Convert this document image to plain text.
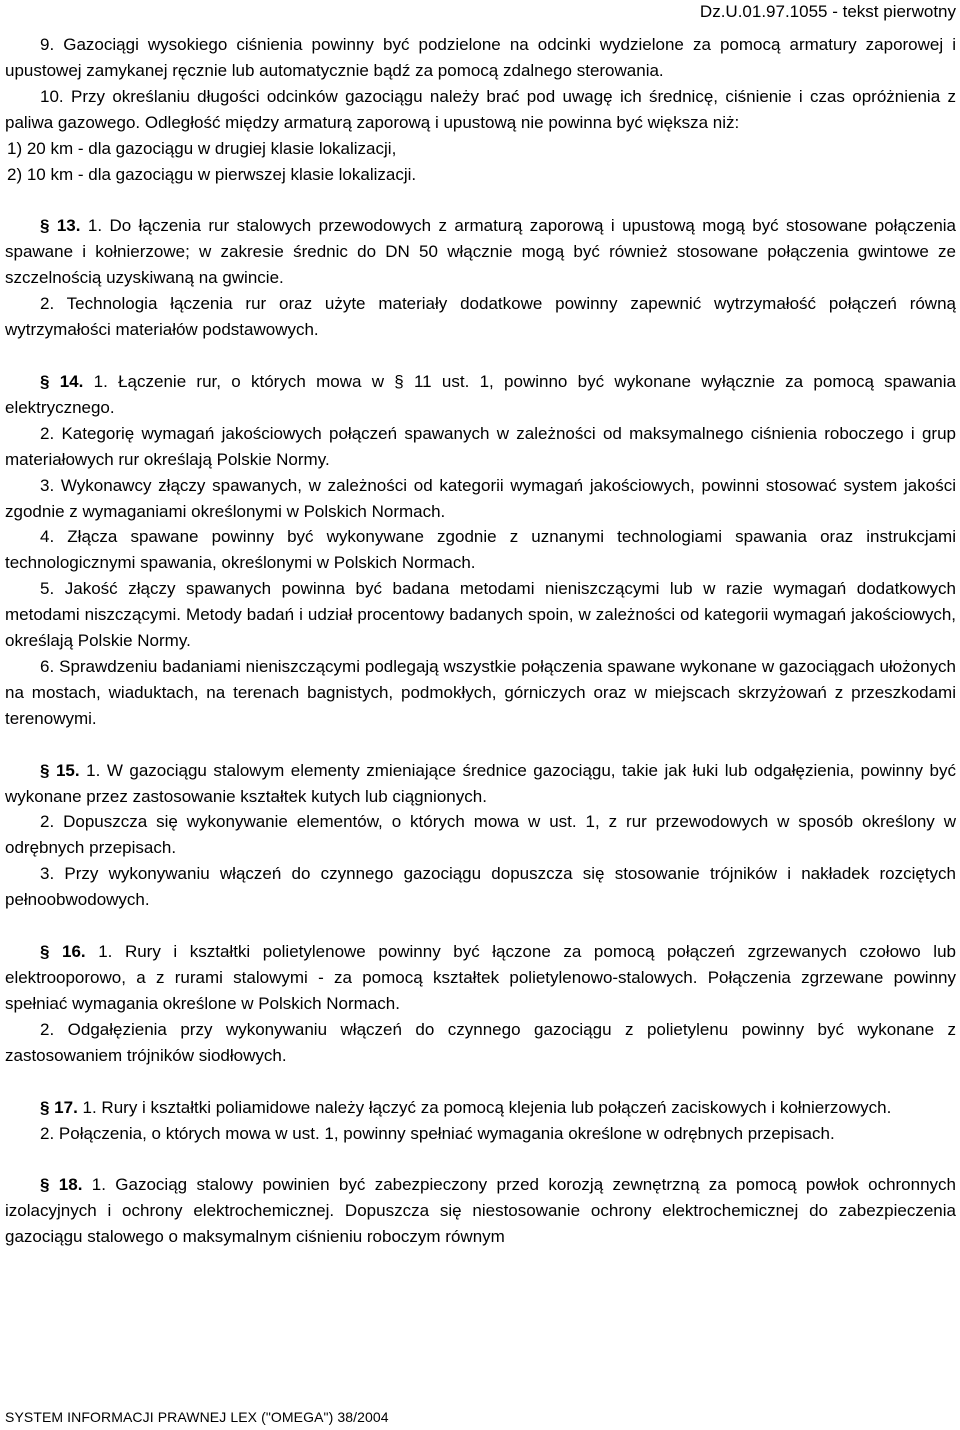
Dz.U.01.97.1055 - tekst pierwotny

9. Gazociągi wysokiego ciśnienia powinny być podzielone na odcinki wydzielone za pomocą armatury zaporowej i upustowej zamykanej ręcznie lub automatycznie bądź za pomocą zdalnego sterowania.

10. Przy określaniu długości odcinków gazociągu należy brać pod uwagę ich średnicę, ciśnienie i czas opróżnienia z paliwa gazowego. Odległość między armaturą zaporową i upustową nie powinna być większa niż:

1) 20 km - dla gazociągu w drugiej klasie lokalizacji,

2) 10 km - dla gazociągu w pierwszej klasie lokalizacji.

§ 13. 1. Do łączenia rur stalowych przewodowych z armaturą zaporową i upustową mogą być stosowane połączenia spawane i kołnierzowe; w zakresie średnic do DN 50 włącznie mogą być również stosowane połączenia gwintowe ze szczelnością uzyskiwaną na gwincie.

2. Technologia łączenia rur oraz użyte materiały dodatkowe powinny zapewnić wytrzymałość połączeń równą wytrzymałości materiałów podstawowych.

§ 14. 1. Łączenie rur, o których mowa w § 11 ust. 1, powinno być wykonane wyłącznie za pomocą spawania elektrycznego.

2. Kategorię wymagań jakościowych połączeń spawanych w zależności od maksymalnego ciśnienia roboczego i grup materiałowych rur określają Polskie Normy.

3. Wykonawcy złączy spawanych, w zależności od kategorii wymagań jakościowych, powinni stosować system jakości zgodnie z wymaganiami określonymi w Polskich Normach.

4. Złącza spawane powinny być wykonywane zgodnie z uznanymi technologiami spawania oraz instrukcjami technologicznymi spawania, określonymi w Polskich Normach.

5. Jakość złączy spawanych powinna być badana metodami nieniszczącymi lub w razie wymagań dodatkowych metodami niszczącymi. Metody badań i udział procentowy badanych spoin, w zależności od kategorii wymagań jakościowych, określają Polskie Normy.

6. Sprawdzeniu badaniami nieniszczącymi podlegają wszystkie połączenia spawane wykonane w gazociągach ułożonych na mostach, wiaduktach, na terenach bagnistych, podmokłych, górniczych oraz w miejscach skrzyżowań z przeszkodami terenowymi.

§ 15. 1. W gazociągu stalowym elementy zmieniające średnice gazociągu, takie jak łuki lub odgałęzienia, powinny być wykonane przez zastosowanie kształtek kutych lub ciągnionych.

2. Dopuszcza się wykonywanie elementów, o których mowa w ust. 1, z rur przewodowych w sposób określony w odrębnych przepisach.

3. Przy wykonywaniu włączeń do czynnego gazociągu dopuszcza się stosowanie trójników i nakładek rozciętych pełnoobwodowych.

§ 16. 1. Rury i kształtki polietylenowe powinny być łączone za pomocą połączeń zgrzewanych czołowo lub elektrooporowo, a z rurami stalowymi - za pomocą kształtek polietylenowo-stalowych. Połączenia zgrzewane powinny spełniać wymagania określone w Polskich Normach.

2. Odgałęzienia przy wykonywaniu włączeń do czynnego gazociągu z polietylenu powinny być wykonane z zastosowaniem trójników siodłowych.

§ 17. 1. Rury i kształtki poliamidowe należy łączyć za pomocą klejenia lub połączeń zaciskowych i kołnierzowych.

2. Połączenia, o których mowa w ust. 1, powinny spełniać wymagania określone w odrębnych przepisach.

§ 18. 1. Gazociąg stalowy powinien być zabezpieczony przed korozją zewnętrzną za pomocą powłok ochronnych izolacyjnych i ochrony elektrochemicznej. Dopuszcza się niestosowanie ochrony elektrochemicznej do zabezpieczenia gazociągu stalowego o maksymalnym ciśnieniu roboczym równym

SYSTEM INFORMACJI PRAWNEJ LEX ("OMEGA") 38/2004
